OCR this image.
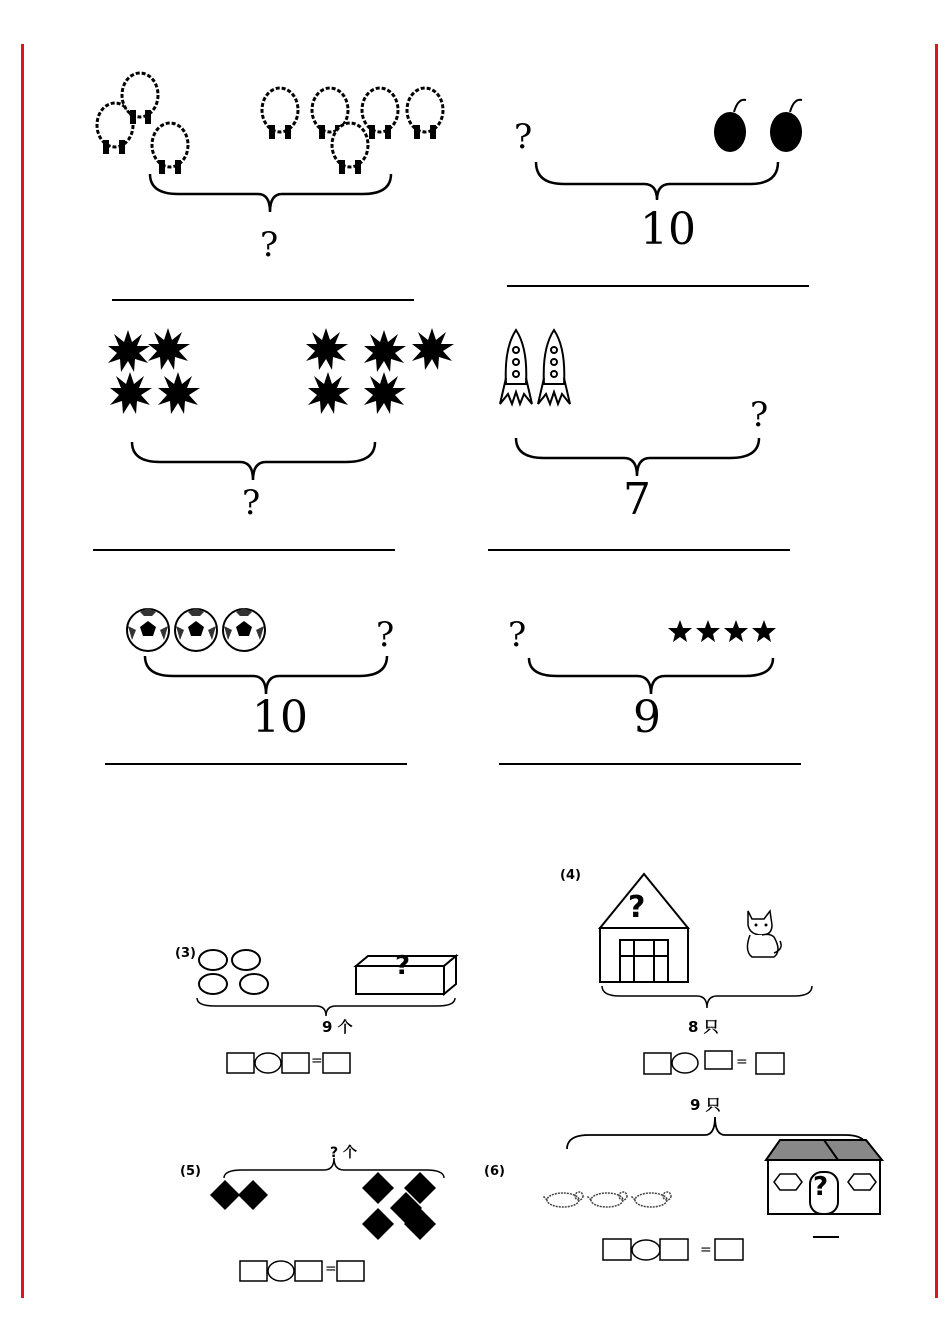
?
?
10
?
?
7
?
10
?
9
(3)	?
9 个
=
(4)
?
8 只
=
(5)
? 个
=
9 只
(6)
?
=
